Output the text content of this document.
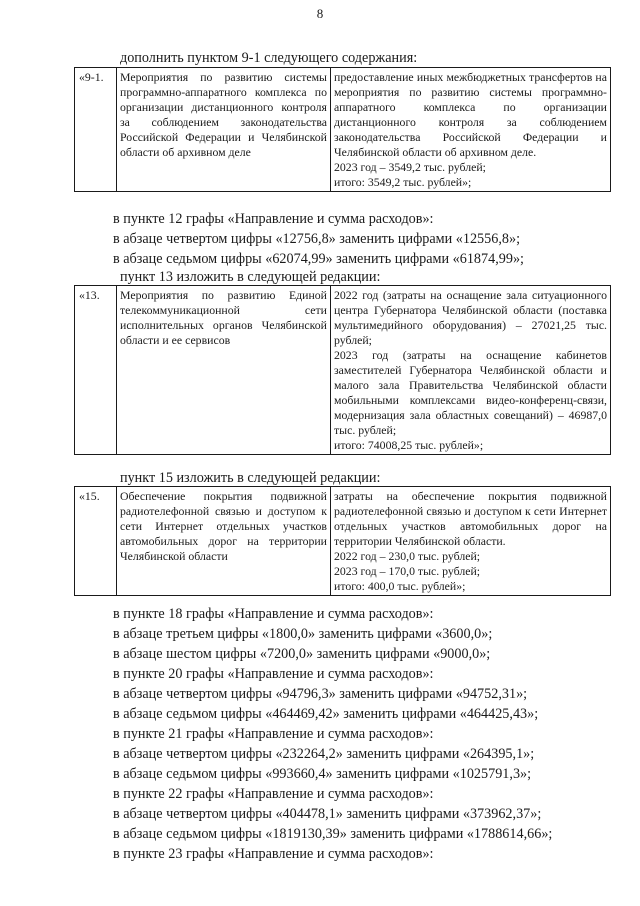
8
дополнить пунктом 9-1 следующего содержания:
«9-1.	Мероприятия по развитию системы программно-аппаратного комплекса по организации дистанционного контроля за соблюдением законодательства Российской Федерации и Челябинской области об архивном деле	
предоставление иных межбюджетных трансфертов на мероприятия по развитию системы программно-аппаратного комплекса по организации дистанционного контроля за соблюдением законодательства Российской Федерации и Челябинской области об архивном деле.
2023 год – 3549,2 тыс. рублей;
итого: 3549,2 тыс. рублей»;
в пункте 12 графы «Направление и сумма расходов»:
в абзаце четвертом цифры «12756,8» заменить цифрами «12556,8»;
в абзаце седьмом цифры «62074,99» заменить цифрами «61874,99»;
пункт 13 изложить в следующей редакции:
«13.	Мероприятия по развитию Единой телекоммуникационной сети исполнительных органов Челябинской области и ее сервисов	
2022 год (затраты на оснащение зала ситуационного центра Губернатора Челябинской области (поставка мультимедийного оборудования) – 27021,25 тыс. рублей;
2023 год (затраты на оснащение кабинетов заместителей Губернатора Челябинской области и малого зала Правительства Челябинской области мобильными комплексами видео-конференц-связи, модернизация зала областных совещаний) – 46987,0 тыс. рублей;
итого: 74008,25 тыс. рублей»;
пункт 15 изложить в следующей редакции:
«15.	Обеспечение покрытия подвижной радиотелефонной связью и доступом к сети Интернет отдельных участков автомобильных дорог на территории Челябинской области	
затраты на обеспечение покрытия подвижной радиотелефонной связью и доступом к сети Интернет отдельных участков автомобильных дорог на территории Челябинской области.
2022 год – 230,0 тыс. рублей;
2023 год – 170,0 тыс. рублей;
итого: 400,0 тыс. рублей»;
в пункте 18 графы «Направление и сумма расходов»:
в абзаце третьем цифры «1800,0» заменить цифрами «3600,0»;
в абзаце шестом цифры «7200,0» заменить цифрами «9000,0»;
в пункте 20 графы «Направление и сумма расходов»:
в абзаце четвертом цифры «94796,3» заменить цифрами «94752,31»;
в абзаце седьмом цифры «464469,42» заменить цифрами «464425,43»;
в пункте 21 графы «Направление и сумма расходов»:
в абзаце четвертом цифры «232264,2» заменить цифрами «264395,1»;
в абзаце седьмом цифры «993660,4» заменить цифрами «1025791,3»;
в пункте 22 графы «Направление и сумма расходов»:
в абзаце четвертом цифры «404478,1» заменить цифрами «373962,37»;
в абзаце седьмом цифры «1819130,39» заменить цифрами «1788614,66»;
в пункте 23 графы «Направление и сумма расходов»:
